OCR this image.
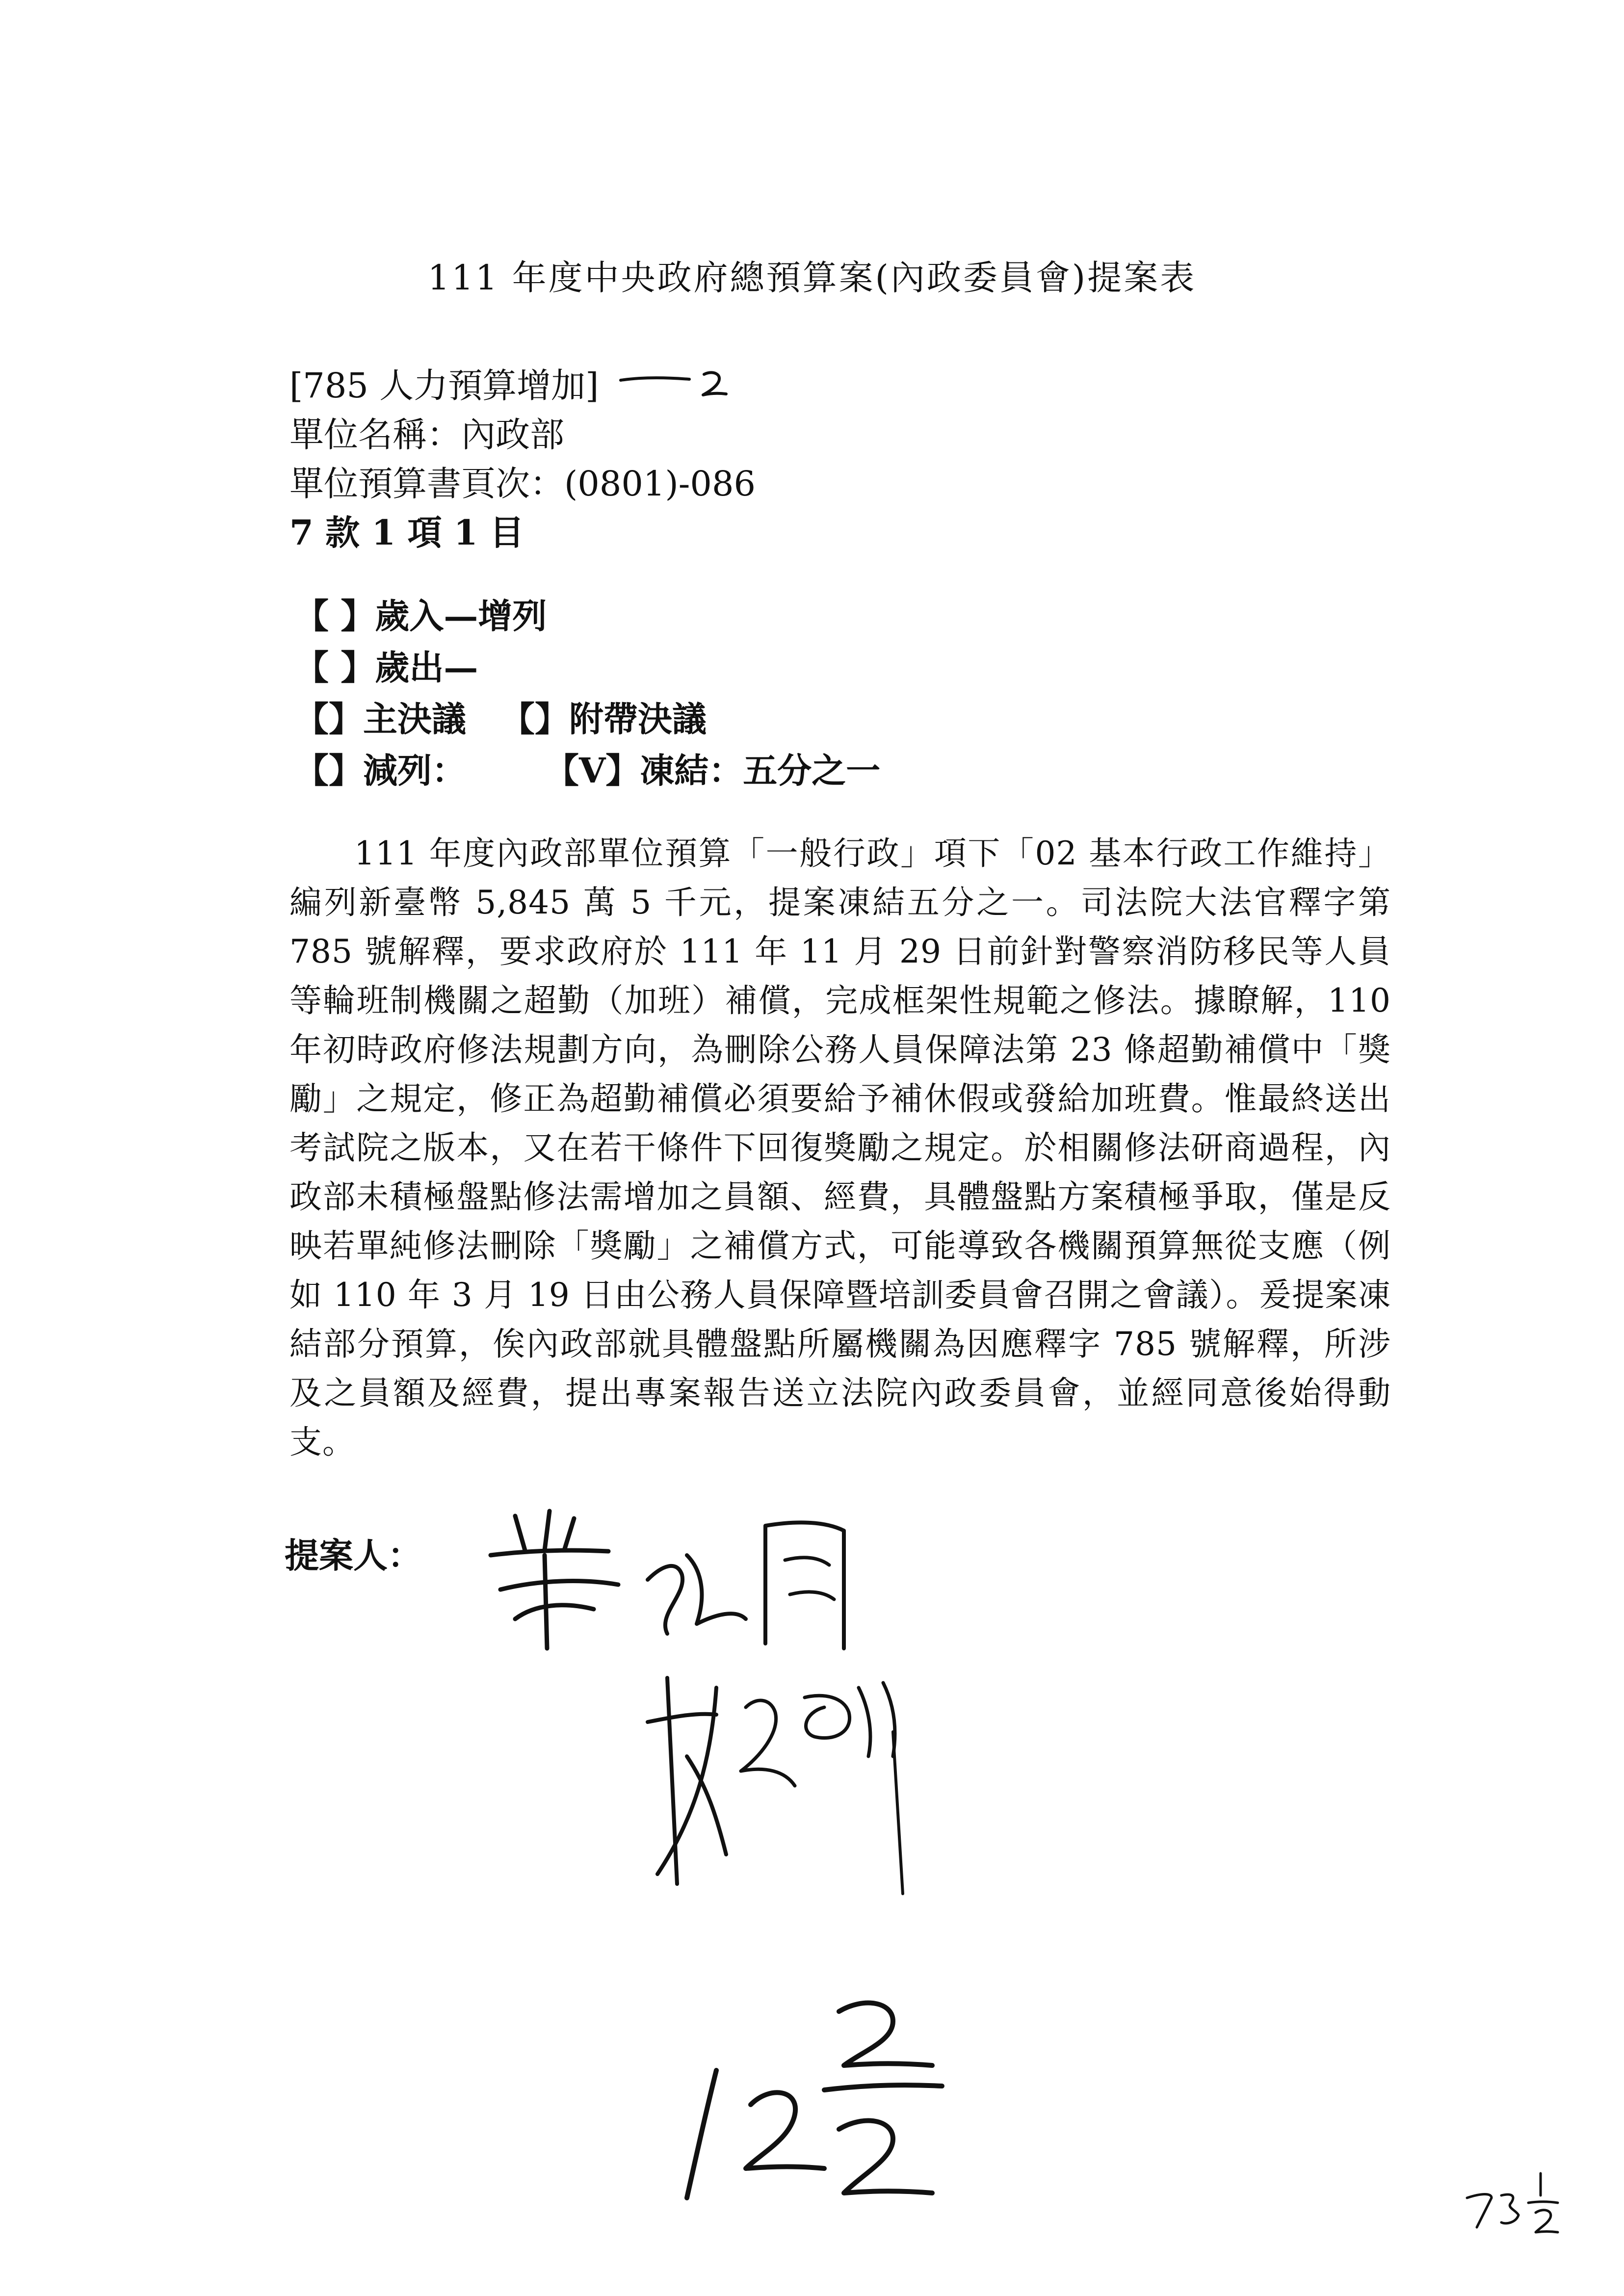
111 年度中央政府總預算案(內政委員會)提案表
[785 人力預算增加]
單位名稱：內政部
單位預算書頁次：(0801)-086
7 款 1 項 1 目
【 】歲入—增列
【 】歲出—
【】主決議 【】附帶決議
【】減列： 【V】凍結：五分之一
111 年度內政部單位預算「一般行政」項下「02 基本行政工作維持」編列新臺幣 5,845 萬 5 千元，提案凍結五分之一。司法院大法官釋字第 785 號解釋，要求政府於 111 年 11 月 29 日前針對警察消防移民等人員等輪班制機關之超勤（加班）補償，完成框架性規範之修法。據瞭解，110 年初時政府修法規劃方向，為刪除公務人員保障法第 23 條超勤補償中「獎勵」之規定，修正為超勤補償必須要給予補休假或發給加班費。惟最終送出考試院之版本，又在若干條件下回復獎勵之規定。於相關修法研商過程，內政部未積極盤點修法需增加之員額、經費，具體盤點方案積極爭取，僅是反映若單純修法刪除「獎勵」之補償方式，可能導致各機關預算無從支應（例如 110 年 3 月 19 日由公務人員保障暨培訓委員會召開之會議）。爰提案凍結部分預算，俟內政部就具體盤點所屬機關為因應釋字 785 號解釋，所涉及之員額及經費，提出專案報告送立法院內政委員會，並經同意後始得動支。
提案人：
